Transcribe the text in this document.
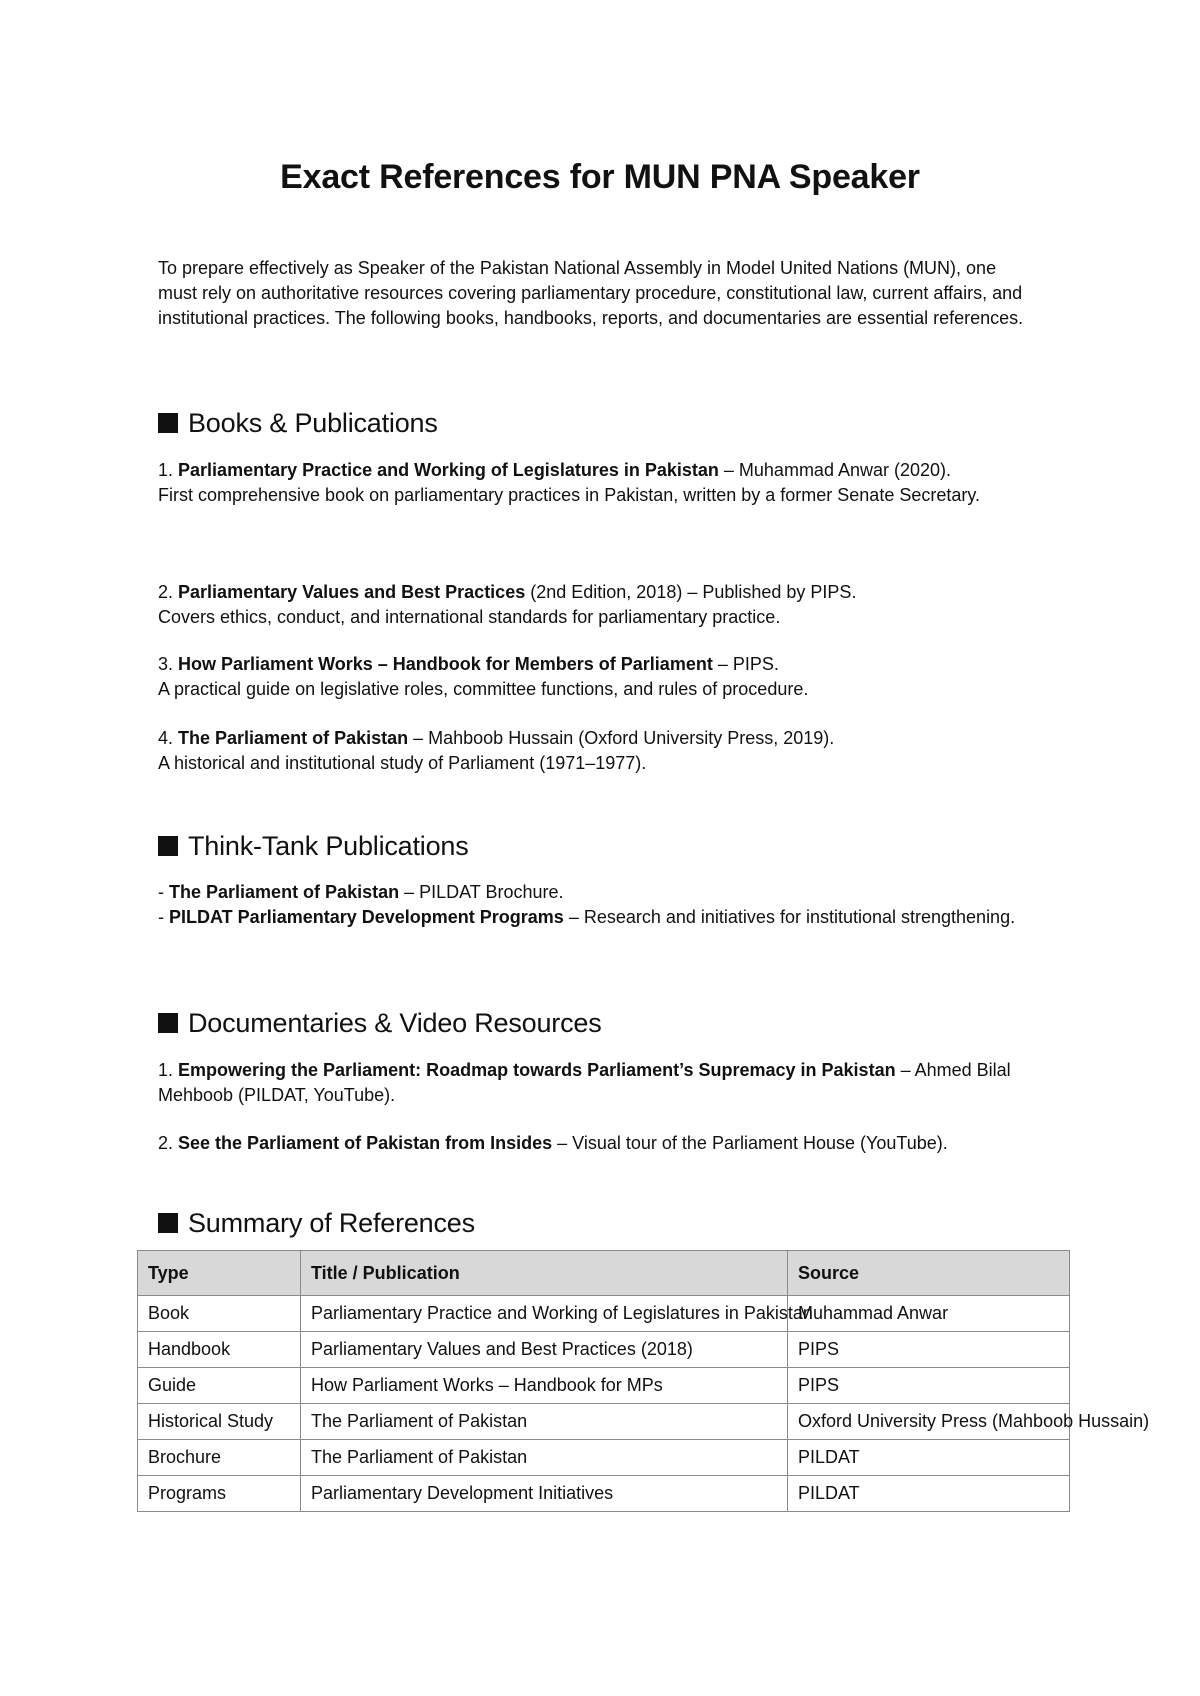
Exact References for MUN PNA Speaker

To prepare effectively as Speaker of the Pakistan National Assembly in Model United Nations (MUN), one must rely on authoritative resources covering parliamentary procedure, constitutional law, current affairs, and institutional practices. The following books, handbooks, reports, and documentaries are essential references.

Books & Publications

1. Parliamentary Practice and Working of Legislatures in Pakistan – Muhammad Anwar (2020).
First comprehensive book on parliamentary practices in Pakistan, written by a former Senate Secretary.

2. Parliamentary Values and Best Practices (2nd Edition, 2018) – Published by PIPS.
Covers ethics, conduct, and international standards for parliamentary practice.

3. How Parliament Works – Handbook for Members of Parliament – PIPS.
A practical guide on legislative roles, committee functions, and rules of procedure.

4. The Parliament of Pakistan – Mahboob Hussain (Oxford University Press, 2019).
A historical and institutional study of Parliament (1971–1977).

Think-Tank Publications

- The Parliament of Pakistan – PILDAT Brochure.
- PILDAT Parliamentary Development Programs – Research and initiatives for institutional strengthening.

Documentaries & Video Resources

1. Empowering the Parliament: Roadmap towards Parliament’s Supremacy in Pakistan – Ahmed Bilal Mehboob (PILDAT, YouTube).

2. See the Parliament of Pakistan from Insides – Visual tour of the Parliament House (YouTube).

Summary of References
Type	Title / Publication	Source
Book	Parliamentary Practice and Working of Legislatures in Pakistan	Muhammad Anwar
Handbook	Parliamentary Values and Best Practices (2018)	PIPS
Guide	How Parliament Works – Handbook for MPs	PIPS
Historical Study	The Parliament of Pakistan	Oxford University Press (Mahboob Hussain)
Brochure	The Parliament of Pakistan	PILDAT
Programs	Parliamentary Development Initiatives	PILDAT
